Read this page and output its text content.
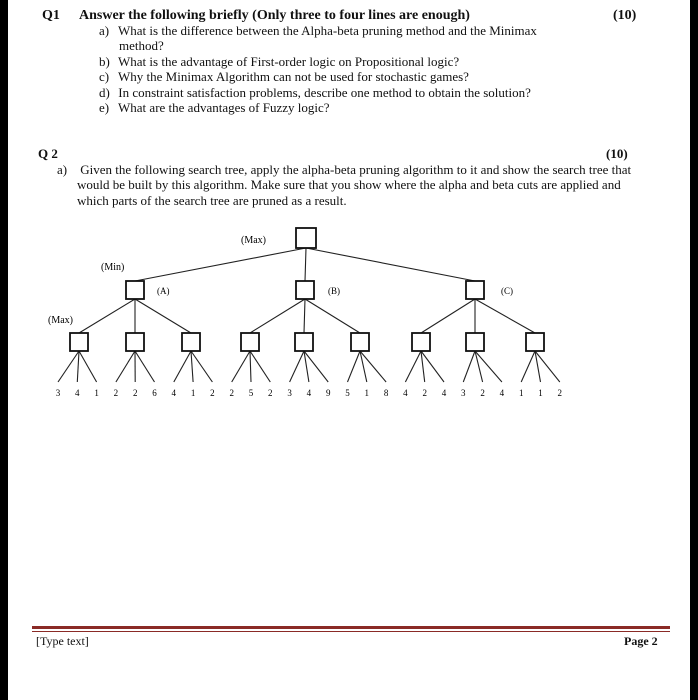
Q1 Answer the following briefly (Only three to four lines are enough)	(10)
a) What is the difference between the Alpha-beta pruning method and the Minimax
method?
b) What is the advantage of First-order logic on Propositional logic?
c) Why the Minimax Algorithm can not be used for stochastic games?
d) In constraint satisfaction problems, describe one method to obtain the solution?
e) What are the advantages of Fuzzy logic?
Q 2	(10)
a) Given the following search tree, apply the alpha-beta pruning algorithm to it and show the search tree that
would be built by this algorithm. Make sure that you show where the alpha and beta cuts are applied and
which parts of the search tree are pruned as a result.
(Max)
(Min)
(Max)
(A)	(B)	(C)
3 4 1 2 2 6 4 1 2 2 5 2 3 4 9 5 1 8 4 2 4 3 2 4 1 1 2
[Type text]	Page 2
